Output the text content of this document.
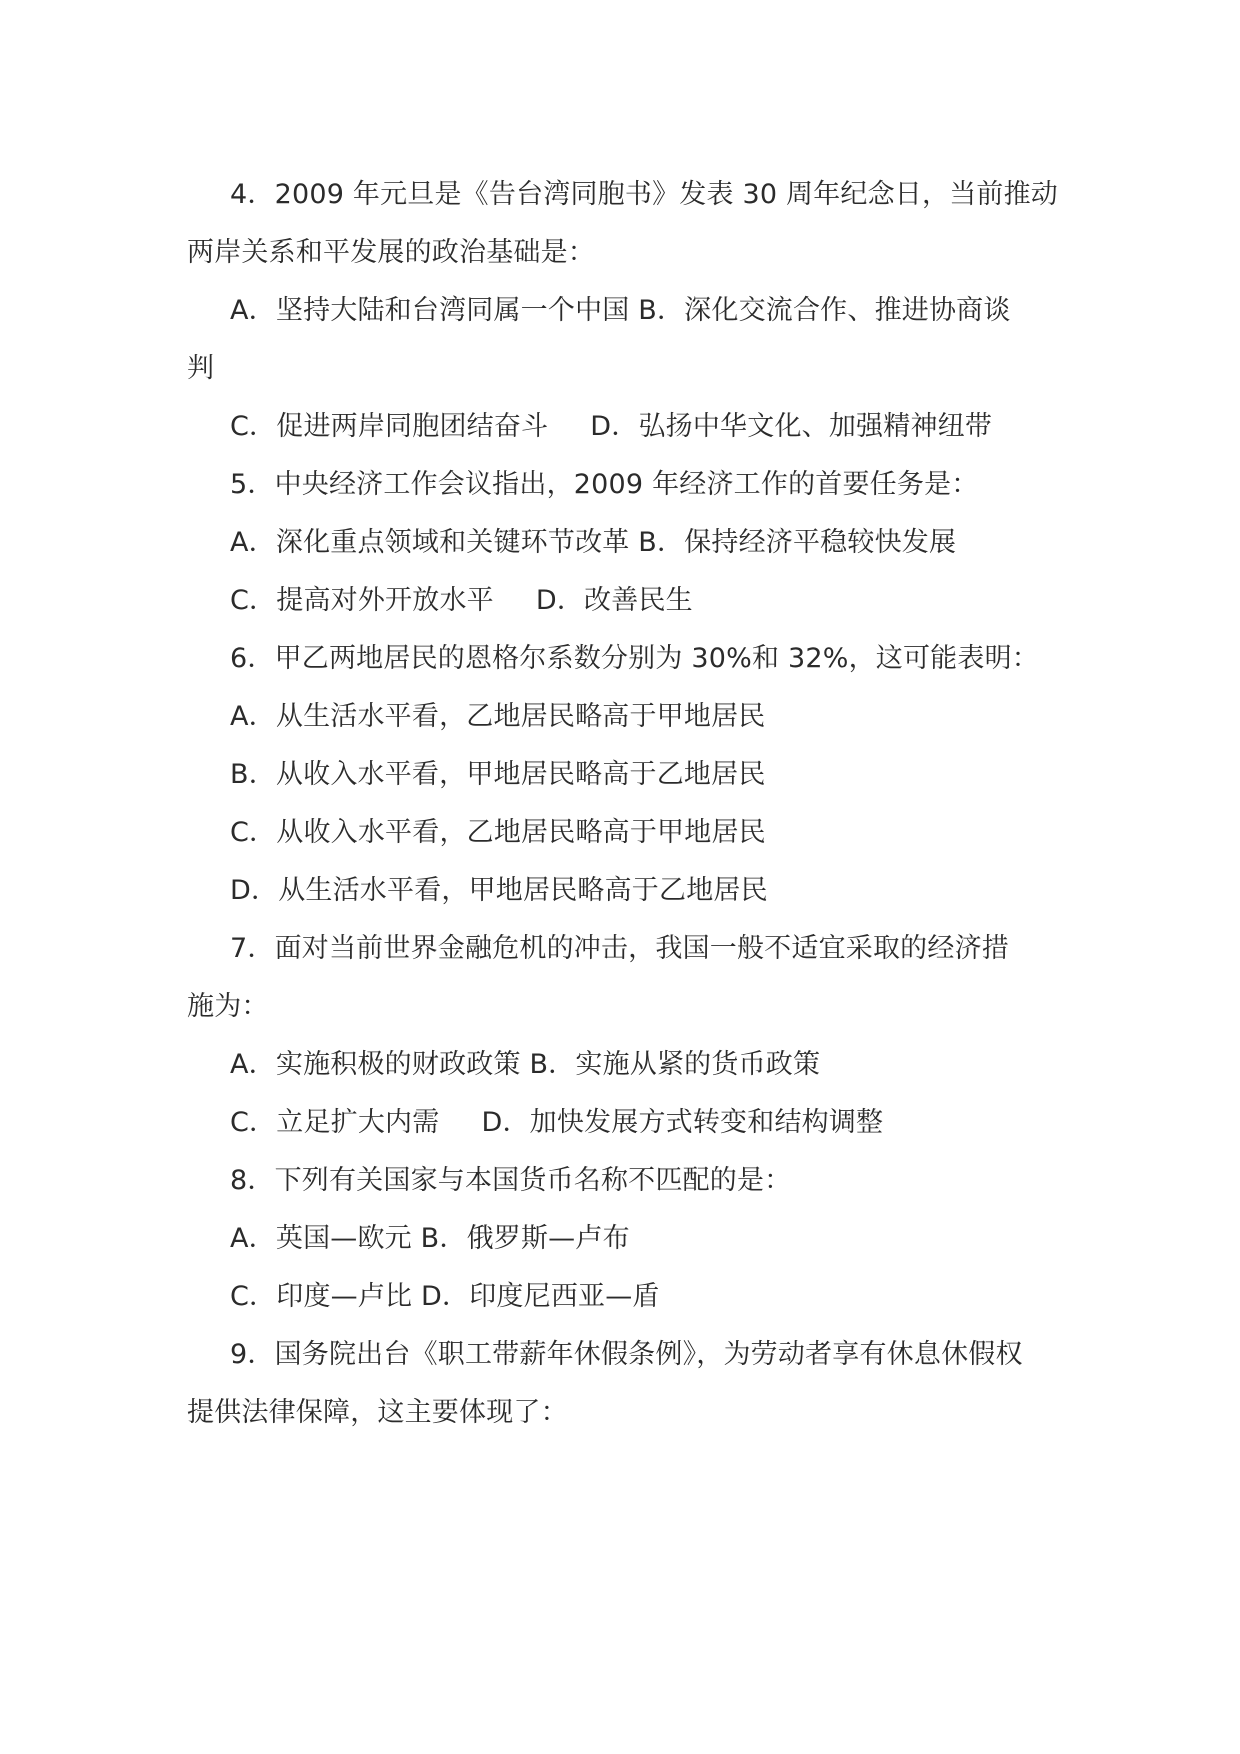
4．2009 年元旦是《告台湾同胞书》发表 30 周年纪念日，当前推动
两岸关系和平发展的政治基础是：
A．坚持大陆和台湾同属一个中国 B．深化交流合作、推进协商谈
判
C．促进两岸同胞团结奋斗 D．弘扬中华文化、加强精神纽带
5．中央经济工作会议指出，2009 年经济工作的首要任务是：
A．深化重点领域和关键环节改革 B．保持经济平稳较快发展
C．提高对外开放水平 D．改善民生
6．甲乙两地居民的恩格尔系数分别为 30%和 32%，这可能表明：
A．从生活水平看，乙地居民略高于甲地居民
B．从收入水平看，甲地居民略高于乙地居民
C．从收入水平看，乙地居民略高于甲地居民
D．从生活水平看，甲地居民略高于乙地居民
7．面对当前世界金融危机的冲击，我国一般不适宜采取的经济措
施为：
A．实施积极的财政政策 B．实施从紧的货币政策
C．立足扩大内需 D．加快发展方式转变和结构调整
8．下列有关国家与本国货币名称不匹配的是：
A．英国—欧元 B．俄罗斯—卢布
C．印度—卢比 D．印度尼西亚—盾
9．国务院出台《职工带薪年休假条例》，为劳动者享有休息休假权
提供法律保障，这主要体现了：
